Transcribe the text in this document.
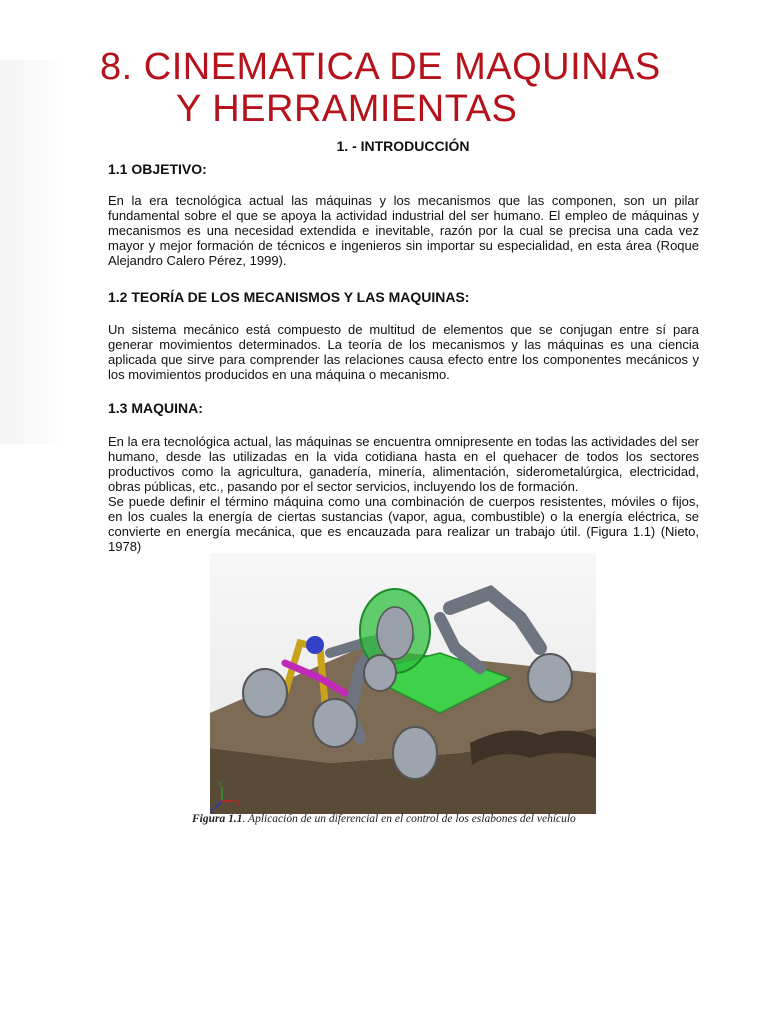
8. CINEMATICA DE MAQUINAS
Y HERRAMIENTAS
1. - INTRODUCCIÓN
1.1 OBJETIVO:

En la era tecnológica actual las máquinas y los mecanismos que las componen, son un pilar fundamental sobre el que se apoya la actividad industrial del ser humano. El empleo de máquinas y mecanismos es una necesidad extendida e inevitable, razón por la cual se precisa una cada vez mayor y mejor formación de técnicos e ingenieros sin importar su especialidad, en esta área (Roque Alejandro Calero Pérez, 1999).

1.2 TEORÍA DE LOS MECANISMOS Y LAS MAQUINAS:

Un sistema mecánico está compuesto de multitud de elementos que se conjugan entre sí para generar movimientos determinados. La teoría de los mecanismos y las máquinas es una ciencia aplicada que sirve para comprender las relaciones causa efecto entre los componentes mecánicos y los movimientos producidos en una máquina o mecanismo.

1.3 MAQUINA:

En la era tecnológica actual, las máquinas se encuentra omnipresente en todas las actividades del ser humano, desde las utilizadas en la vida cotidiana hasta en el quehacer de todos los sectores productivos como la agricultura, ganadería, minería, alimentación, siderometalúrgica, electricidad, obras públicas, etc., pasando por el sector servicios, incluyendo los de formación.

Se puede definir el término máquina como una combinación de cuerpos resistentes, móviles o fijos, en los cuales la energía de ciertas sustancias (vapor, agua, combustible) o la energía eléctrica, se convierte en energía mecánica, que es encauzada para realizar un trabajo útil. (Figura 1.1) (Nieto, 1978)

X
Y
Z
Figura 1.1. Aplicación de un diferencial en el control de los eslabones del vehículo
